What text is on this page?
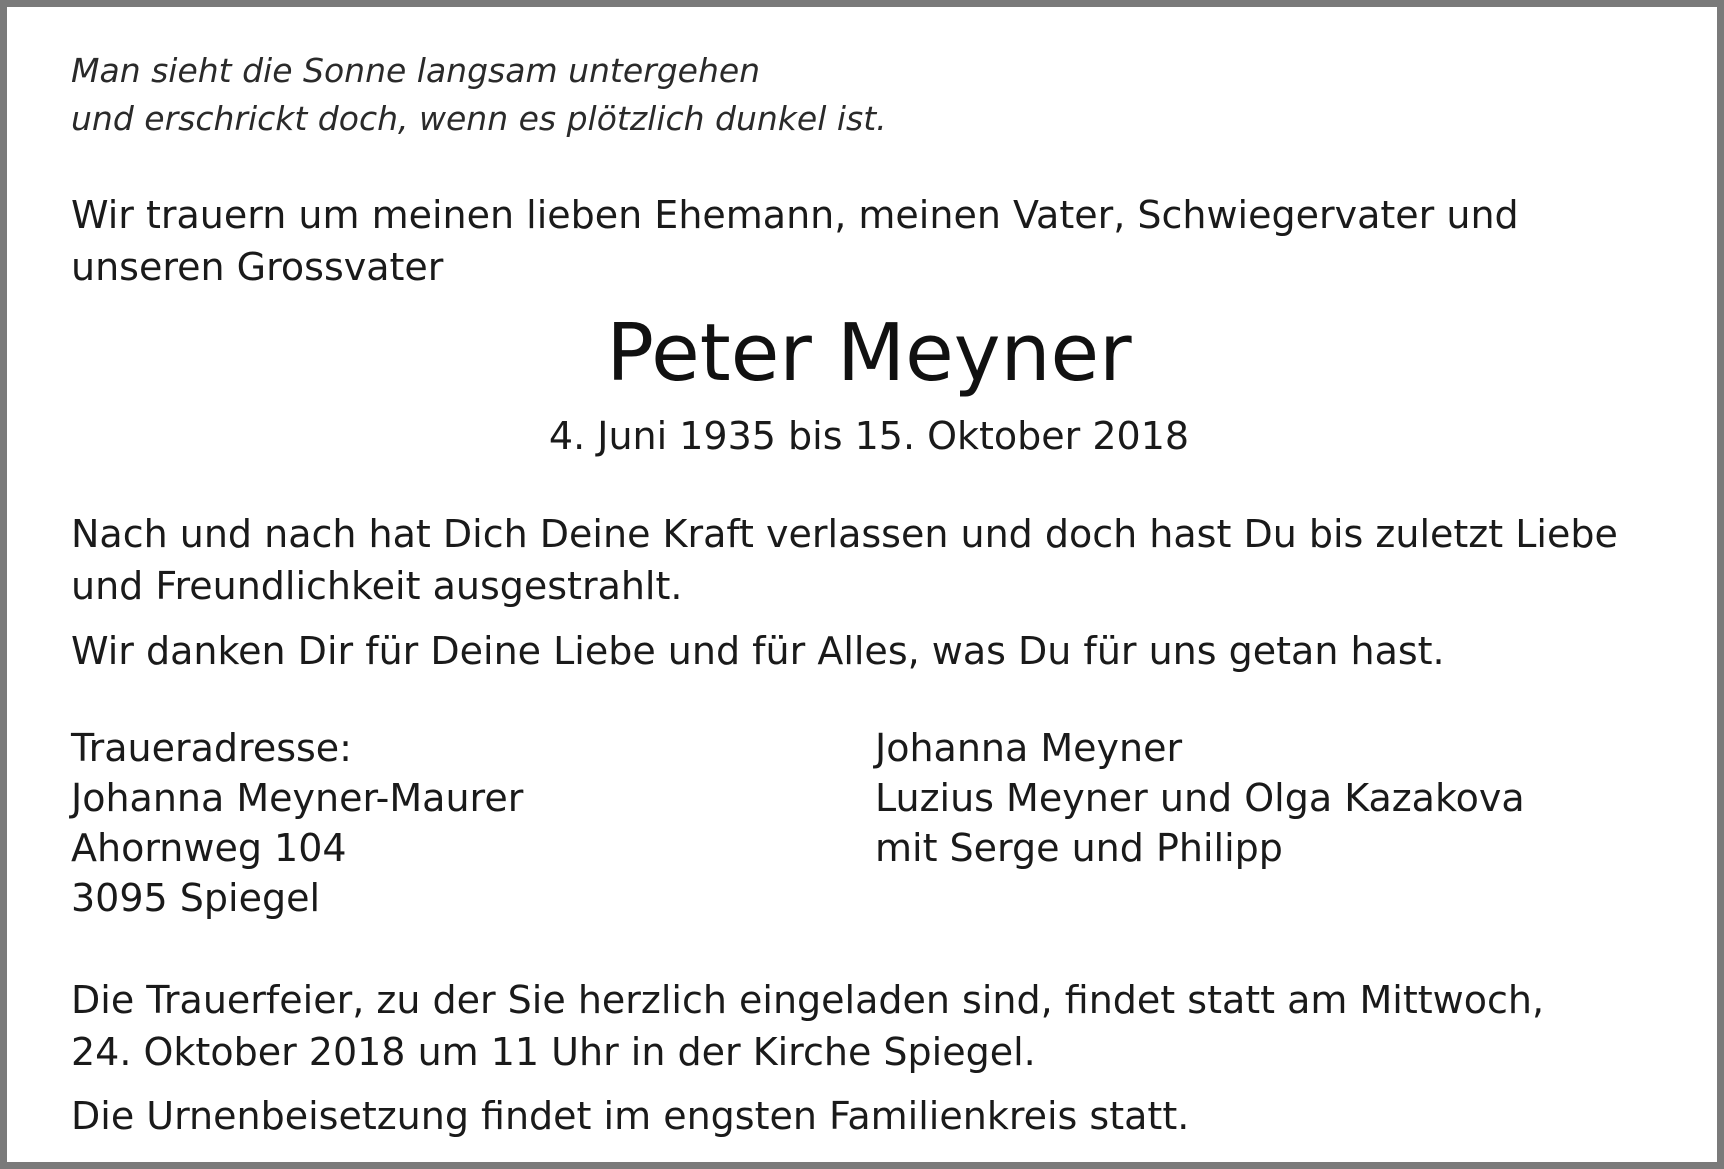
Man sieht die Sonne langsam untergehen
und erschrickt doch, wenn es plötzlich dunkel ist.

Wir trauern um meinen lieben Ehemann, meinen Vater, Schwiegervater und
unseren Grossvater

Peter Meyner

4. Juni 1935 bis 15. Oktober 2018

Nach und nach hat Dich Deine Kraft verlassen und doch hast Du bis zuletzt Liebe
und Freundlichkeit ausgestrahlt.

Wir danken Dir für Deine Liebe und für Alles, was Du für uns getan hast.

Traueradresse:
Johanna Meyner-Maurer
Ahornweg 104
3095 Spiegel
Johanna Meyner
Luzius Meyner und Olga Kazakova
mit Serge und Philipp

Die Trauerfeier, zu der Sie herzlich eingeladen sind, findet statt am Mittwoch,
24. Oktober 2018 um 11 Uhr in der Kirche Spiegel.

Die Urnenbeisetzung findet im engsten Familienkreis statt.
